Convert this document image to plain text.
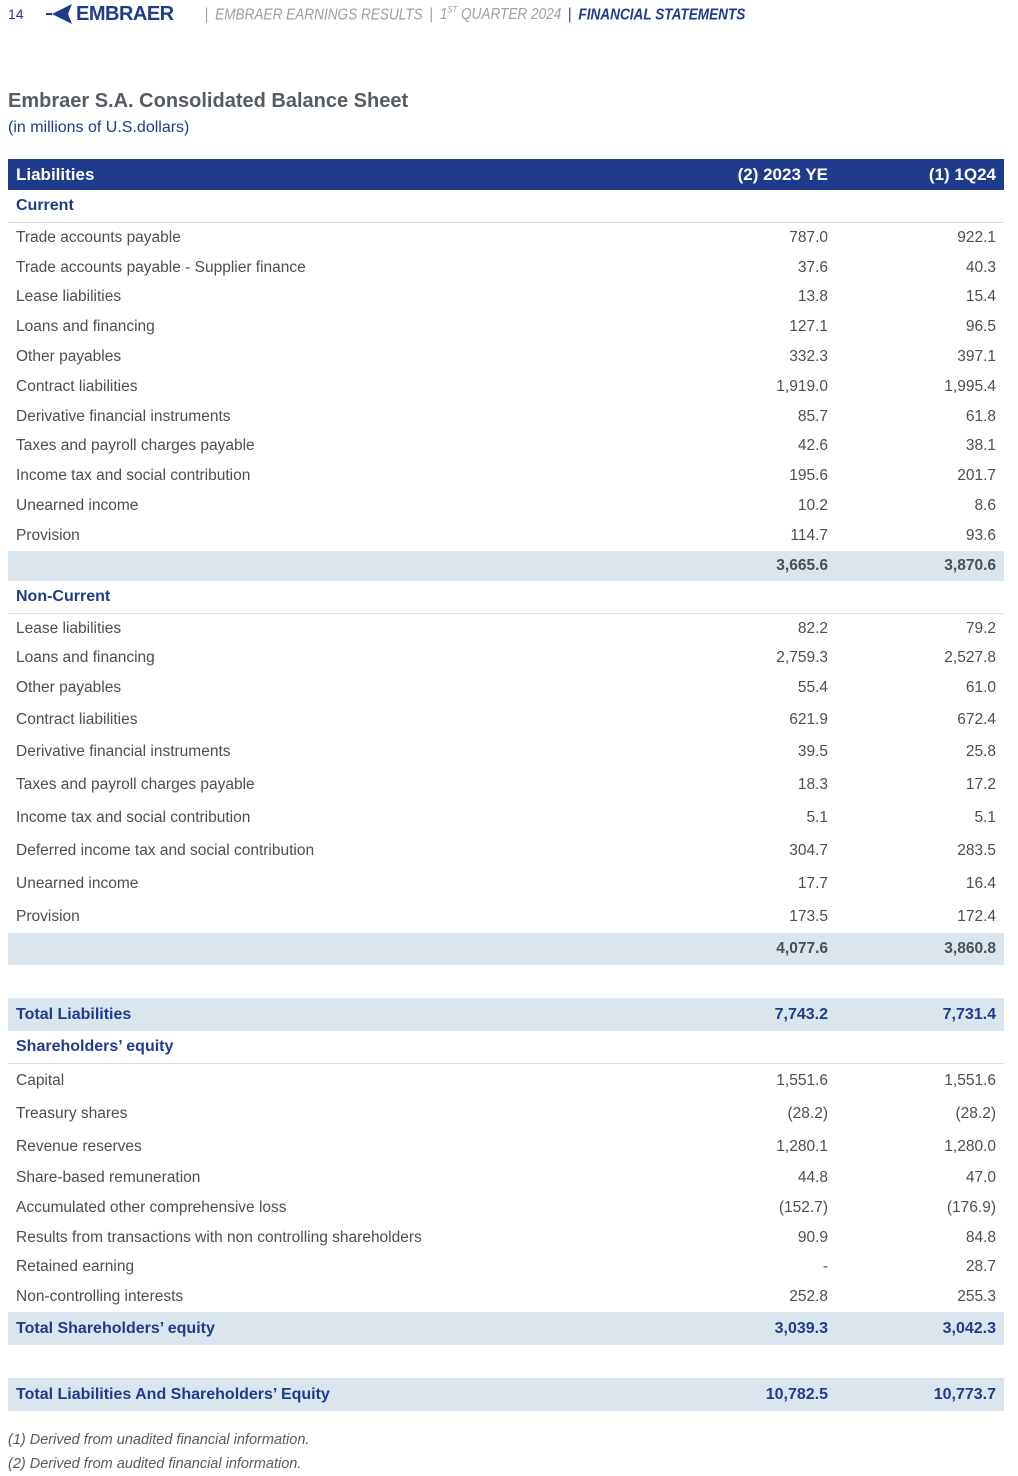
14	EMBRAER	| EMBRAER EARNINGS RESULTS | 1ST QUARTER 2024 | FINANCIAL STATEMENTS
Embraer S.A. Consolidated Balance Sheet
(in millions of U.S.dollars)
Liabilities	(2) 2023 YE	(1) 1Q24
Current		
Trade accounts payable	787.0	922.1
Trade accounts payable - Supplier finance	37.6	40.3
Lease liabilities	13.8	15.4
Loans and financing	127.1	96.5
Other payables	332.3	397.1
Contract liabilities	1,919.0	1,995.4
Derivative financial instruments	85.7	61.8
Taxes and payroll charges payable	42.6	38.1
Income tax and social contribution	195.6	201.7
Unearned income	10.2	8.6
Provision	114.7	93.6
	3,665.6	3,870.6
Non-Current		
Lease liabilities	82.2	79.2
Loans and financing	2,759.3	2,527.8
Other payables	55.4	61.0
Contract liabilities	621.9	672.4
Derivative financial instruments	39.5	25.8
Taxes and payroll charges payable	18.3	17.2
Income tax and social contribution	5.1	5.1
Deferred income tax and social contribution	304.7	283.5
Unearned income	17.7	16.4
Provision	173.5	172.4
	4,077.6	3,860.8

Total Liabilities	7,743.2	7,731.4
Shareholders’ equity		
Capital	1,551.6	1,551.6
Treasury shares	(28.2)	(28.2)
Revenue reserves	1,280.1	1,280.0
Share-based remuneration	44.8	47.0
Accumulated other comprehensive loss	(152.7)	(176.9)
Results from transactions with non controlling shareholders	90.9	84.8
Retained earning	-	28.7
Non-controlling interests	252.8	255.3
Total Shareholders’ equity	3,039.3	3,042.3

Total Liabilities And Shareholders’ Equity	10,782.5	10,773.7
(1) Derived from unadited financial information.
(2) Derived from audited financial information.
